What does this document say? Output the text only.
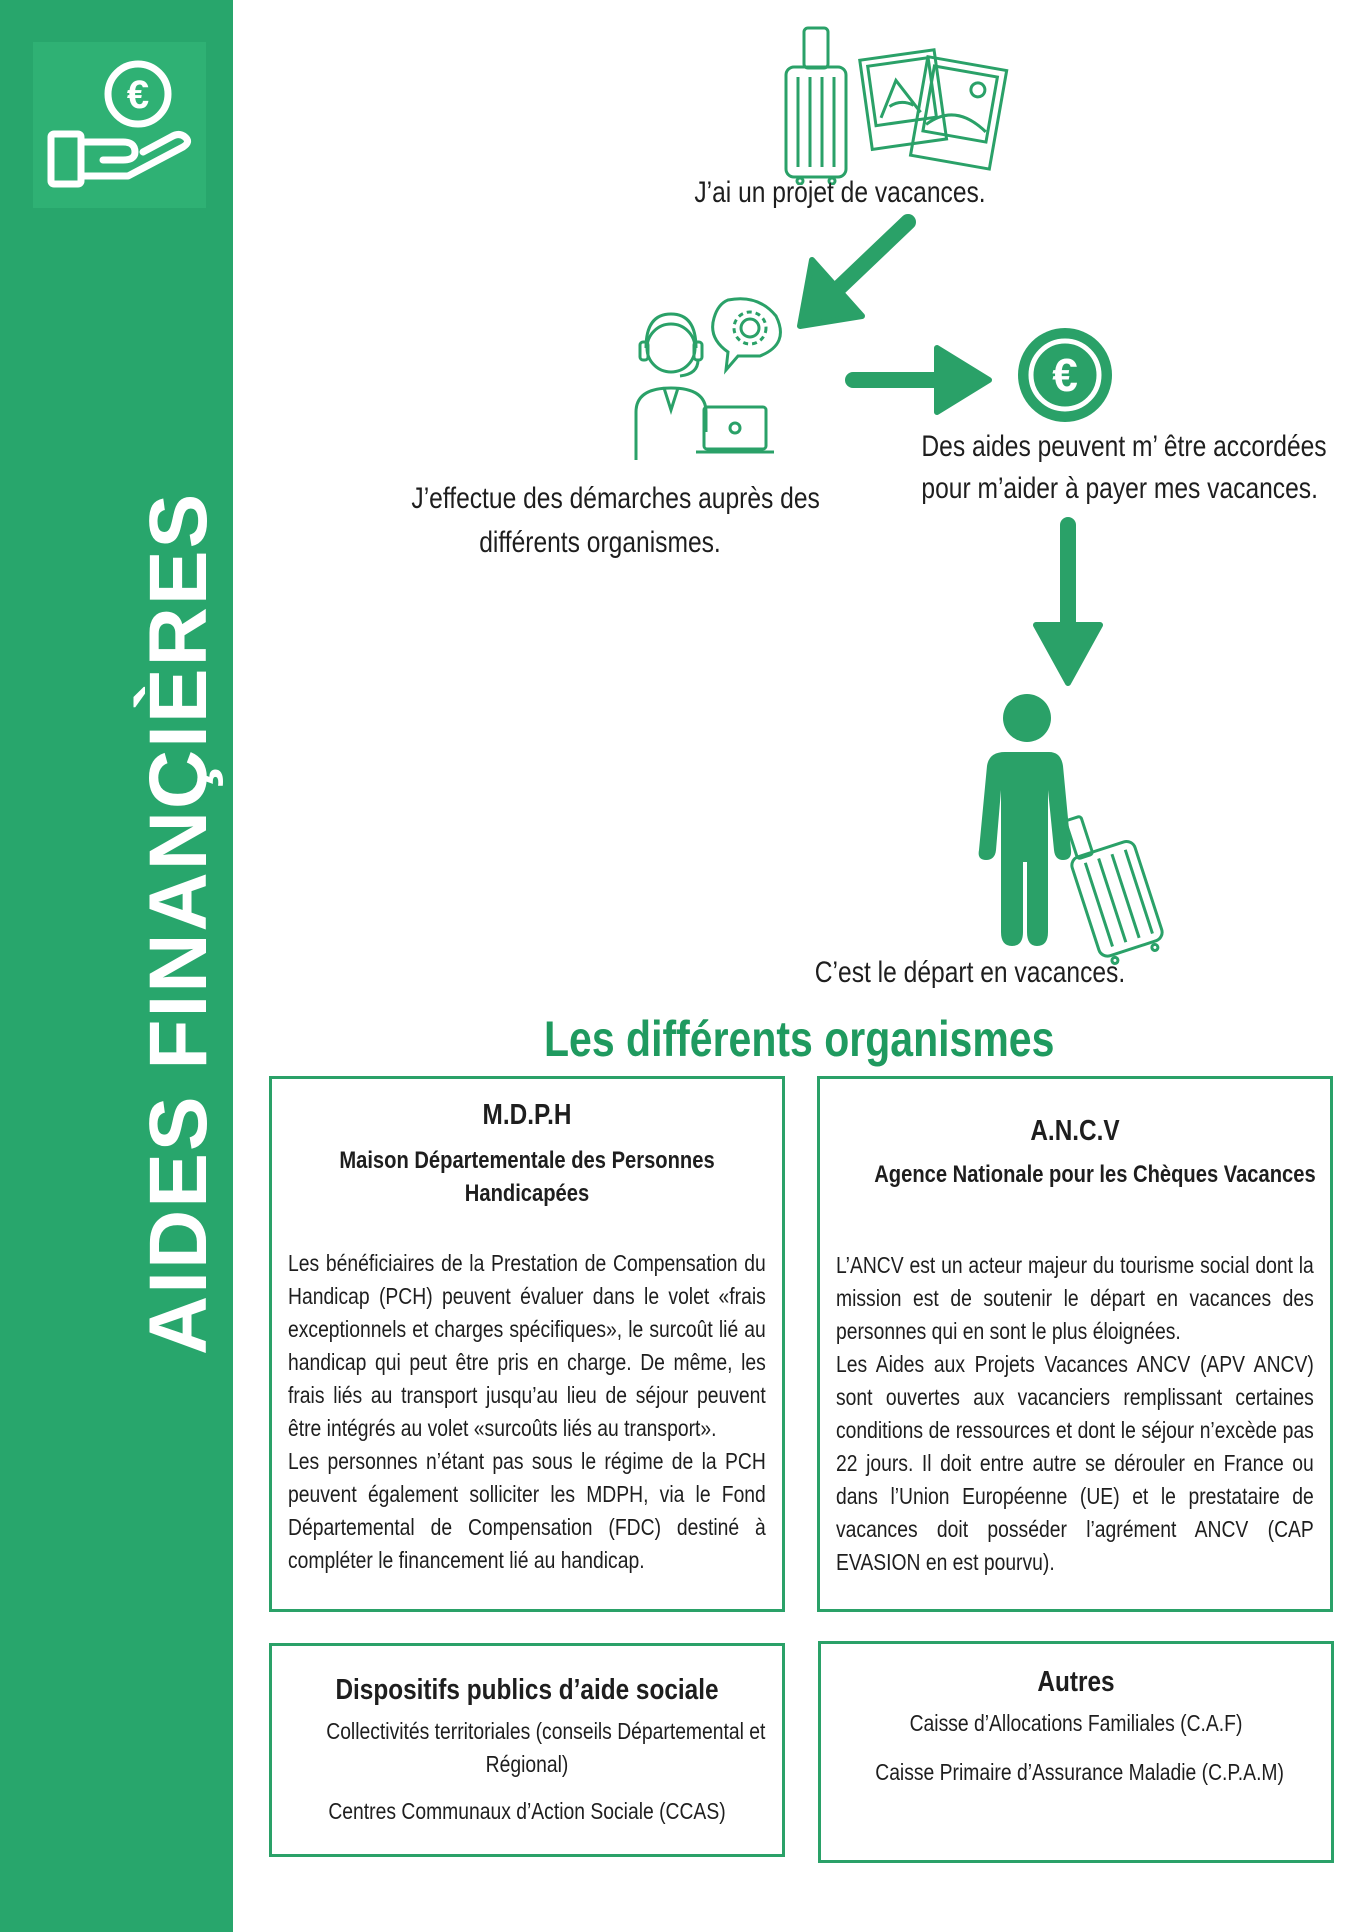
€
AIDES FINANÇIÈRES
J’ai un projet de vacances.
J’effectue des démarches auprès des
différents organismes.
€
Des aides peuvent m’ être accordées
pour m’aider à payer mes vacances.
C’est le départ en vacances.
Les différents organismes
M.D.P.H
Maison Départementale des Personnes
Handicapées

Les bénéficiaires de la Prestation de Compensation du Handicap (PCH) peuvent évaluer dans le volet «frais exceptionnels et charges spécifiques», le surcoût lié au handicap qui peut être pris en charge. De même, les frais liés au transport jusqu’au lieu de séjour peuvent être intégrés au volet «surcoûts liés au transport».

Les personnes n’étant pas sous le régime de la PCH peuvent également solliciter les MDPH, via le Fond Départemental de Compensation (FDC) destiné à compléter le financement lié au handicap.

A.N.C.V
Agence Nationale pour les Chèques Vacances

L’ANCV est un acteur majeur du tourisme social dont la mission est de soutenir le départ en vacances des personnes qui en sont le plus éloignées.

Les Aides aux Projets Vacances ANCV (APV ANCV) sont ouvertes aux vacanciers remplissant certaines conditions de ressources et dont le séjour n’excède pas 22 jours. Il doit entre autre se dérouler en France ou dans l’Union Européenne (UE) et le prestataire de vacances doit posséder l’agrément ANCV (CAP EVASION en est pourvu).

Dispositifs publics d’aide sociale
Collectivités territoriales (conseils Départemental et
Régional)
Centres Communaux d’Action Sociale (CCAS)
Autres
Caisse d’Allocations Familiales (C.A.F)
Caisse Primaire d’Assurance Maladie (C.P.A.M)
